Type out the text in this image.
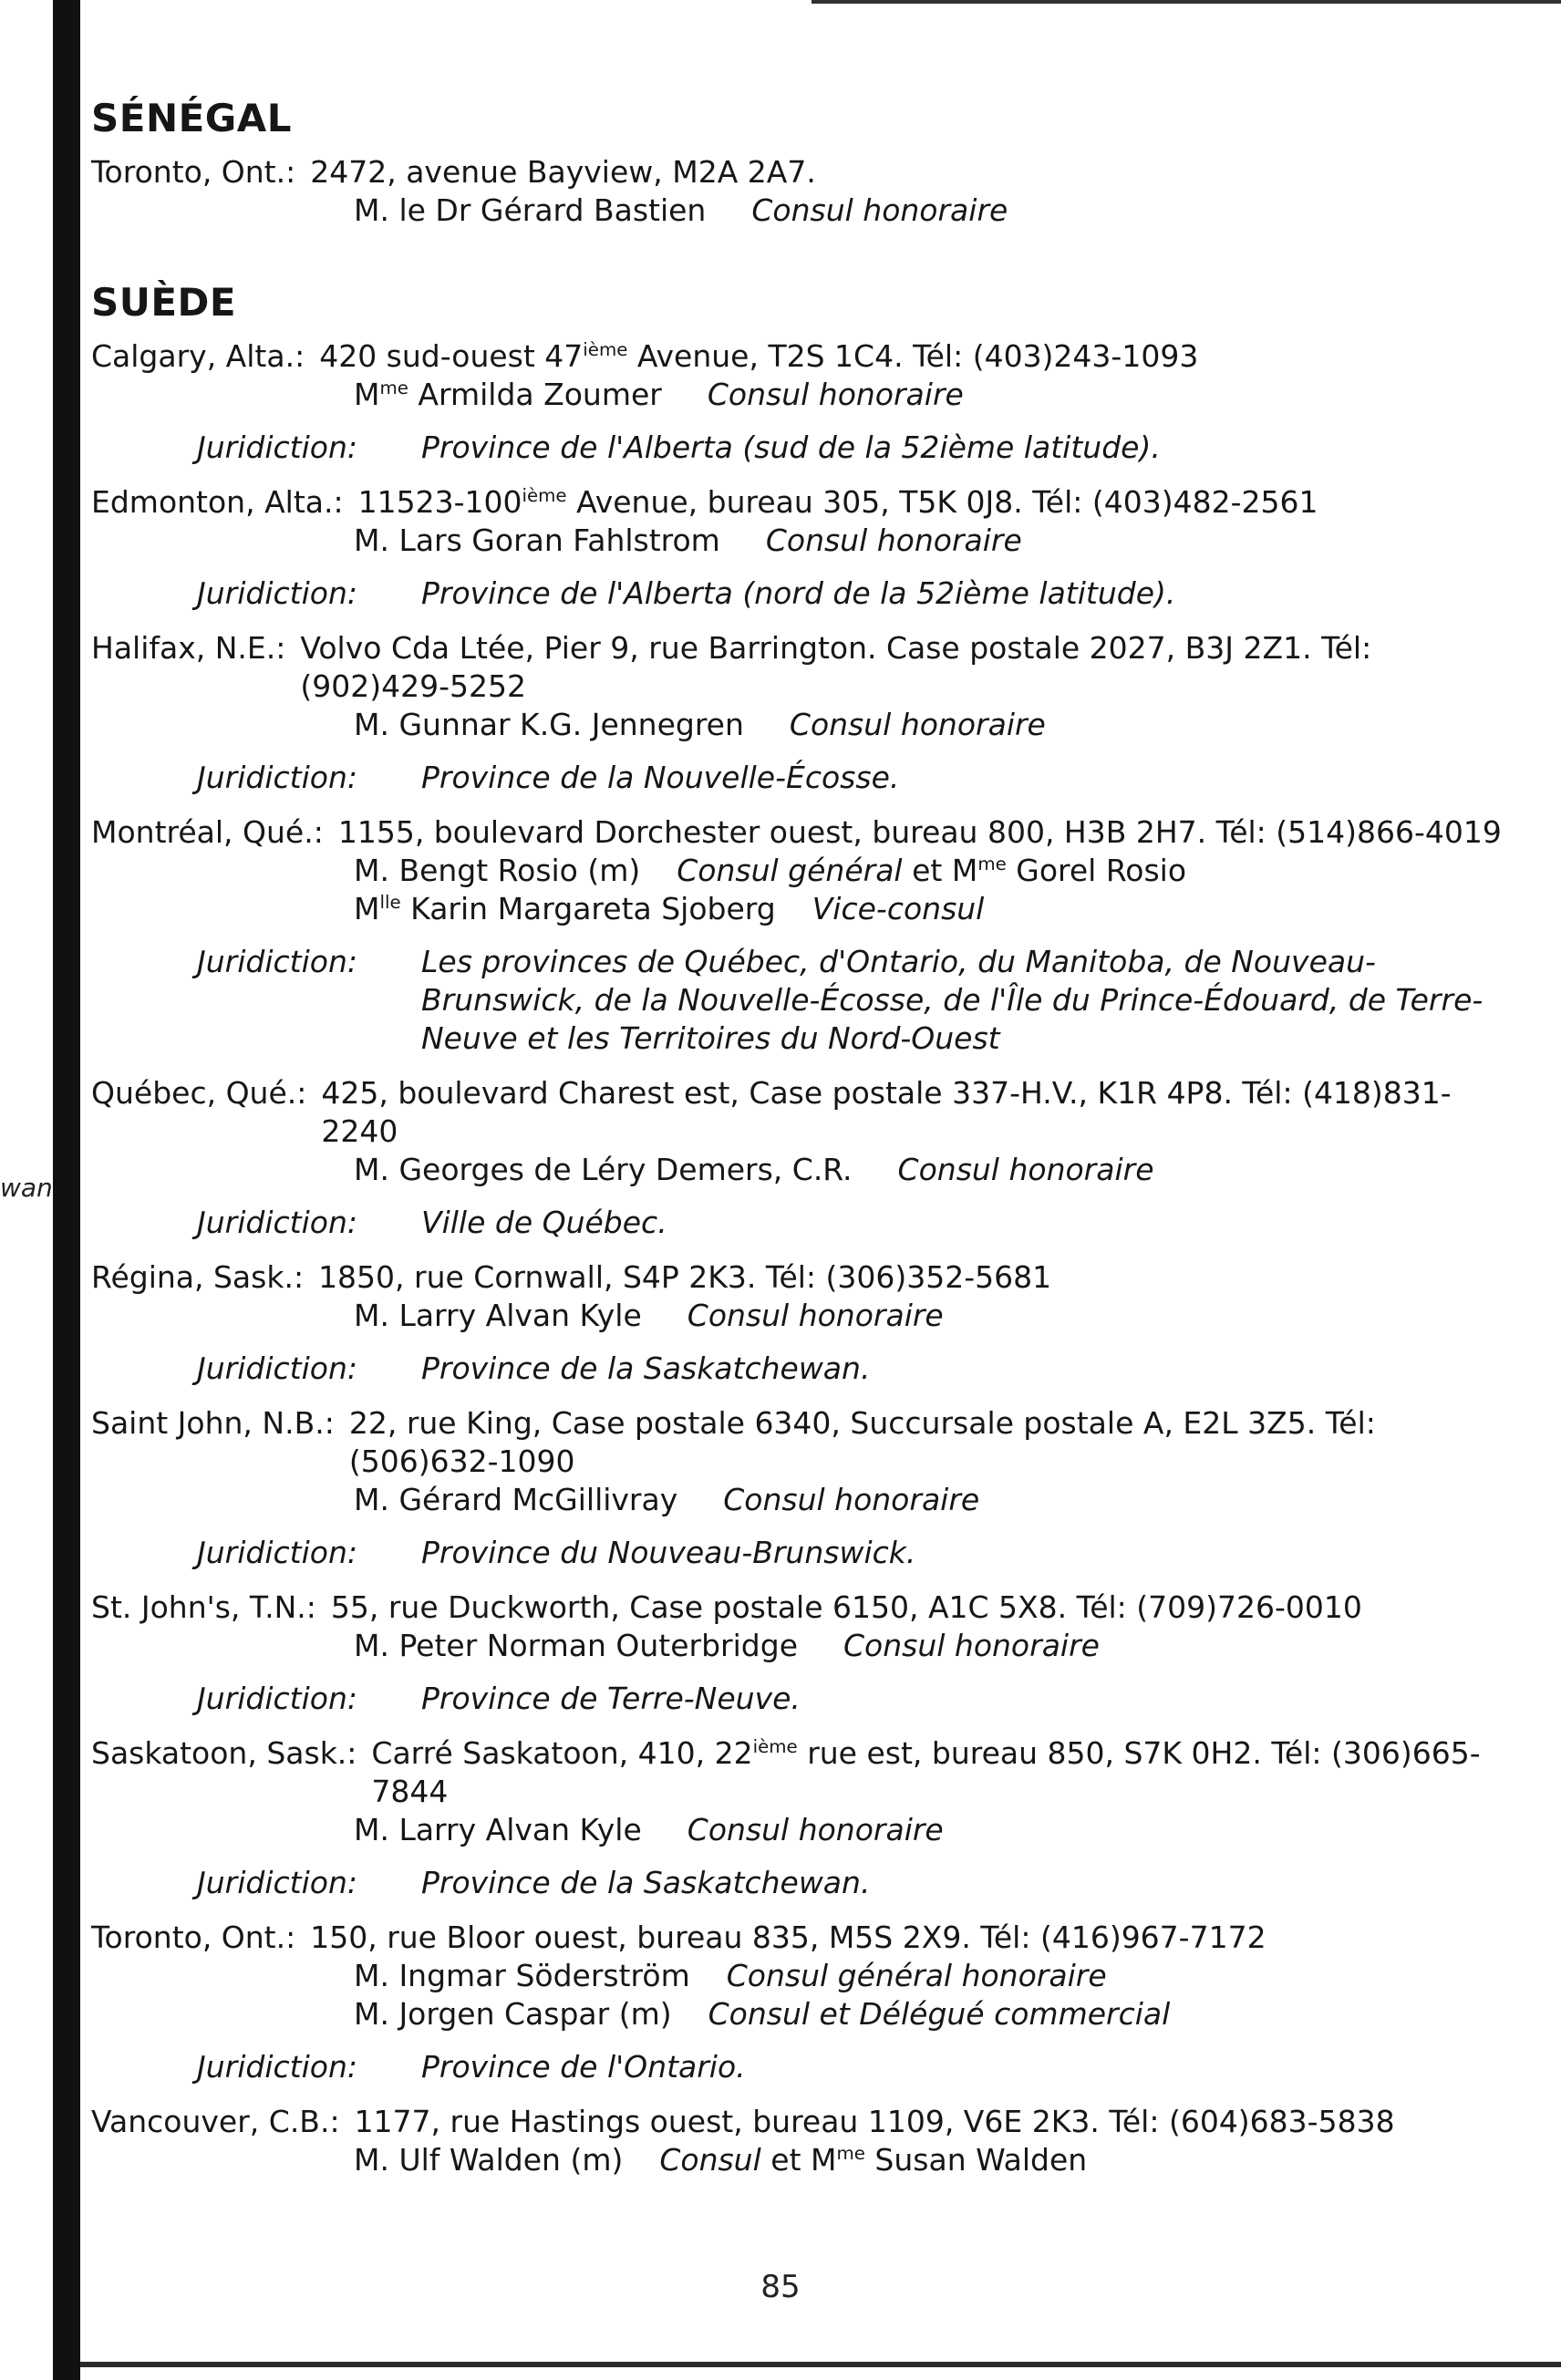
wan
SÉNÉGAL
Toronto, Ont.: 2472, avenue Bayview, M2A 2A7.
M. le Dr Gérard Bastien Consul honoraire
SUÈDE
Calgary, Alta.: 420 sud-ouest 47ième Avenue, T2S 1C4. Tél: (403)243-1093
$M^{me}$ Armilda Zoumer Consul honoraire
Juridiction:	Province de l'Alberta (sud de la 52ième latitude).
Edmonton, Alta.: 11523-100ième Avenue, bureau 305, T5K 0J8. Tél: (403)482-2561
M. Lars Goran Fahlstrom Consul honoraire
Juridiction:	Province de l'Alberta (nord de la 52ième latitude).
Halifax, N.E.: Volvo Cda Ltée, Pier 9, rue Barrington. Case postale 2027, B3J 2Z1. Tél: (902)429-5252
M. Gunnar K.G. Jennegren Consul honoraire
Juridiction:	Province de la Nouvelle-Écosse.
Montréal, Qué.: 1155, boulevard Dorchester ouest, bureau 800, H3B 2H7. Tél: (514)866-4019
M. Bengt Rosio (m) Consul général et $M^{me}$ Gorel Rosio
$M^{lle}$ Karin Margareta Sjoberg Vice-consul
Juridiction:	Les provinces de Québec, d'Ontario, du Manitoba, de Nouveau-Brunswick, de la Nouvelle-Écosse, de l'Île du Prince-Édouard, de Terre-Neuve et les Territoires du Nord-Ouest
Québec, Qué.: 425, boulevard Charest est, Case postale 337-H.V., K1R 4P8. Tél: (418)831-2240
M. Georges de Léry Demers, C.R. Consul honoraire
Juridiction:	Ville de Québec.
Régina, Sask.: 1850, rue Cornwall, S4P 2K3. Tél: (306)352-5681
M. Larry Alvan Kyle Consul honoraire
Juridiction:	Province de la Saskatchewan.
Saint John, N.B.: 22, rue King, Case postale 6340, Succursale postale A, E2L 3Z5. Tél: (506)632-1090
M. Gérard McGillivray Consul honoraire
Juridiction:	Province du Nouveau-Brunswick.
St. John's, T.N.: 55, rue Duckworth, Case postale 6150, A1C 5X8. Tél: (709)726-0010
M. Peter Norman Outerbridge Consul honoraire
Juridiction:	Province de Terre-Neuve.
Saskatoon, Sask.: Carré Saskatoon, 410, 22ième rue est, bureau 850, S7K 0H2. Tél: (306)665-7844
M. Larry Alvan Kyle Consul honoraire
Juridiction:	Province de la Saskatchewan.
Toronto, Ont.: 150, rue Bloor ouest, bureau 835, M5S 2X9. Tél: (416)967-7172
M. Ingmar Söderström Consul général honoraire
M. Jorgen Caspar (m) Consul et Délégué commercial
Juridiction:	Province de l'Ontario.
Vancouver, C.B.: 1177, rue Hastings ouest, bureau 1109, V6E 2K3. Tél: (604)683-5838
M. Ulf Walden (m) Consul et $M^{me}$ Susan Walden
85
